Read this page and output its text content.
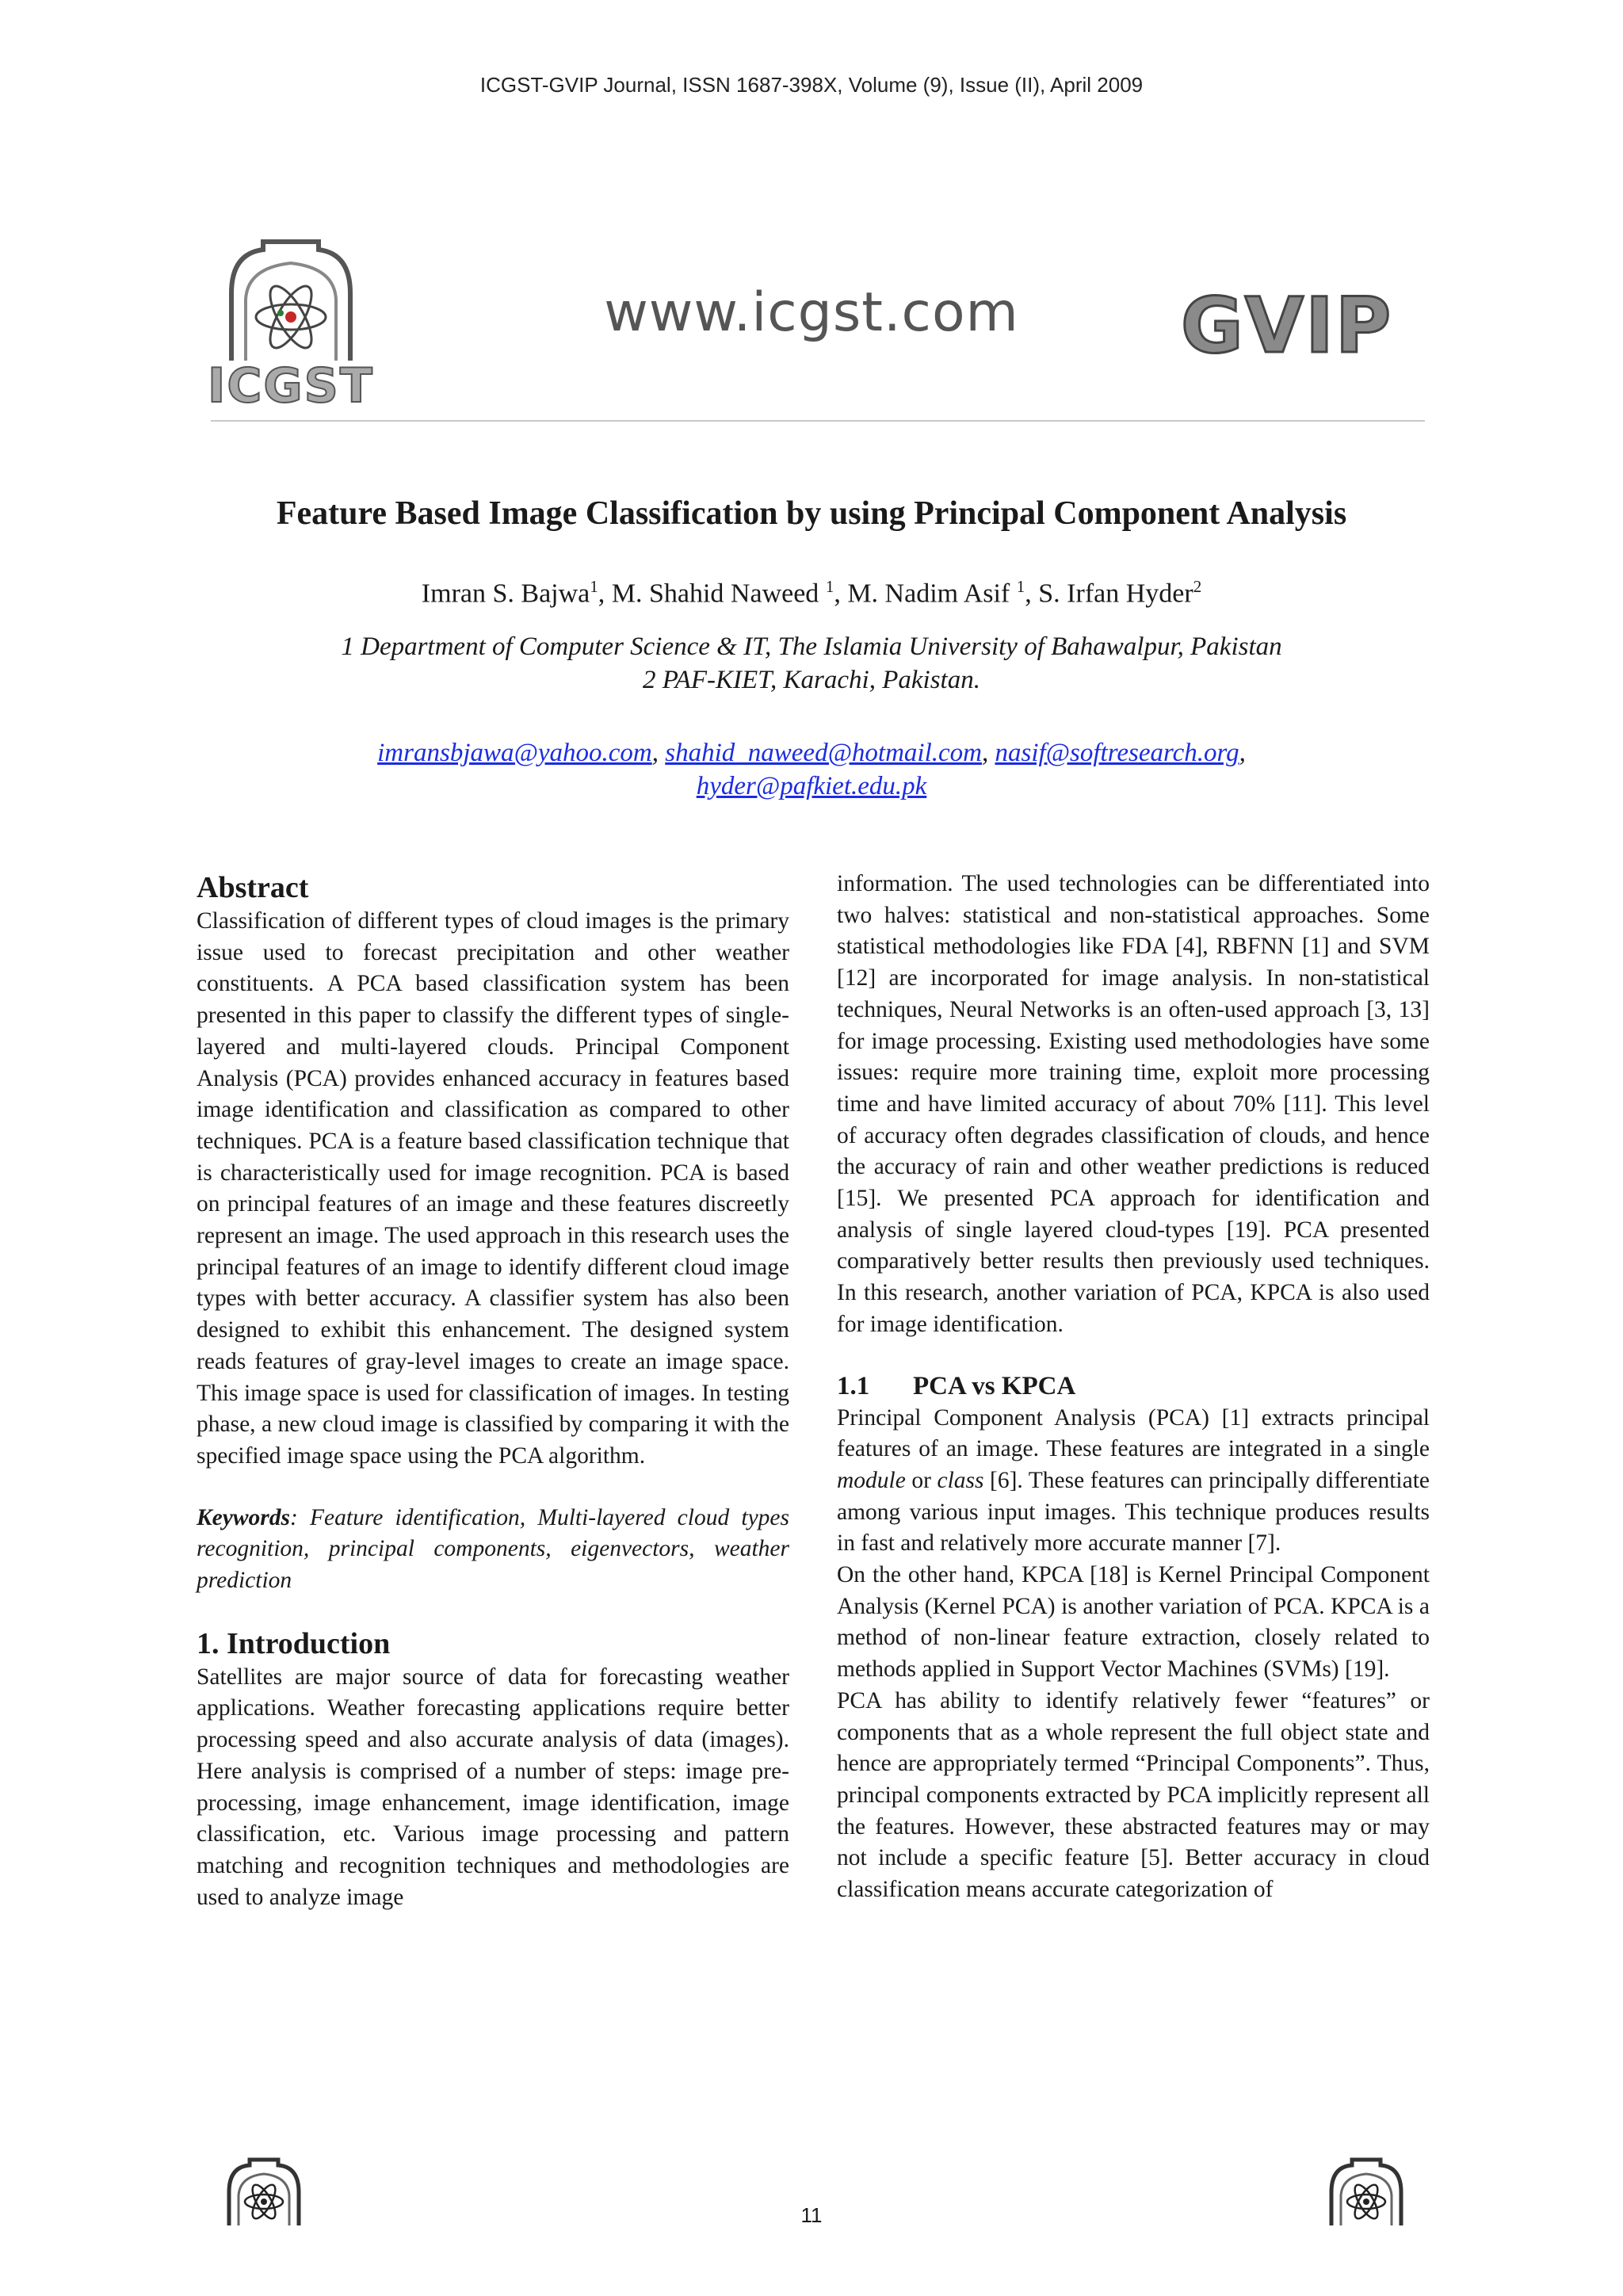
ICGST-GVIP Journal, ISSN 1687-398X, Volume (9), Issue (II), April 2009
ICGST
www.icgst.com	GVIP
Feature Based Image Classification by using Principal Component Analysis
Imran S. Bajwa$^1$, M. Shahid Naweed $^1$, M. Nadim Asif $^1$, S. Irfan Hyder$^2$
1 Department of Computer Science & IT, The Islamia University of Bahawalpur, Pakistan
2 PAF-KIET, Karachi, Pakistan.
imransbjawa@yahoo.com, shahid_naweed@hotmail.com, nasif@softresearch.org,
hyder@pafkiet.edu.pk
Abstract

Classification of different types of cloud images is the primary issue used to forecast precipitation and other weather constituents. A PCA based classification system has been presented in this paper to classify the different types of single-layered and multi-layered clouds. Principal Component Analysis (PCA) provides enhanced accuracy in features based image identification and classification as compared to other techniques. PCA is a feature based classification technique that is characteristically used for image recognition. PCA is based on principal features of an image and these features discreetly represent an image. The used approach in this research uses the principal features of an image to identify different cloud image types with better accuracy. A classifier system has also been designed to exhibit this enhancement. The designed system reads features of gray-level images to create an image space. This image space is used for classification of images. In testing phase, a new cloud image is classified by comparing it with the specified image space using the PCA algorithm.

Keywords: Feature identification, Multi-layered cloud types recognition, principal components, eigenvectors, weather prediction

1. Introduction

Satellites are major source of data for forecasting weather applications. Weather forecasting applications require better processing speed and also accurate analysis of data (images). Here analysis is comprised of a number of steps: image pre-processing, image enhancement, image identification, image classification, etc. Various image processing and pattern matching and recognition techniques and methodologies are used to analyze image

information. The used technologies can be differentiated into two halves: statistical and non-statistical approaches. Some statistical methodologies like FDA [4], RBFNN [1] and SVM [12] are incorporated for image analysis. In non-statistical techniques, Neural Networks is an often-used approach [3, 13] for image processing. Existing used methodologies have some issues: require more training time, exploit more processing time and have limited accuracy of about 70% [11]. This level of accuracy often degrades classification of clouds, and hence the accuracy of rain and other weather predictions is reduced [15]. We presented PCA approach for identification and analysis of single layered cloud-types [19]. PCA presented comparatively better results then previously used techniques. In this research, another variation of PCA, KPCA is also used for image identification.

1.1 PCA vs KPCA

Principal Component Analysis (PCA) [1] extracts principal features of an image. These features are integrated in a single module or class [6]. These features can principally differentiate among various input images. This technique produces results in fast and relatively more accurate manner [7].

On the other hand, KPCA [18] is Kernel Principal Component Analysis (Kernel PCA) is another variation of PCA. KPCA is a method of non-linear feature extraction, closely related to methods applied in Support Vector Machines (SVMs) [19].

PCA has ability to identify relatively fewer “features” or components that as a whole represent the full object state and hence are appropriately termed “Principal Components”. Thus, principal components extracted by PCA implicitly represent all the features. However, these abstracted features may or may not include a specific feature [5]. Better accuracy in cloud classification means accurate categorization of

11
